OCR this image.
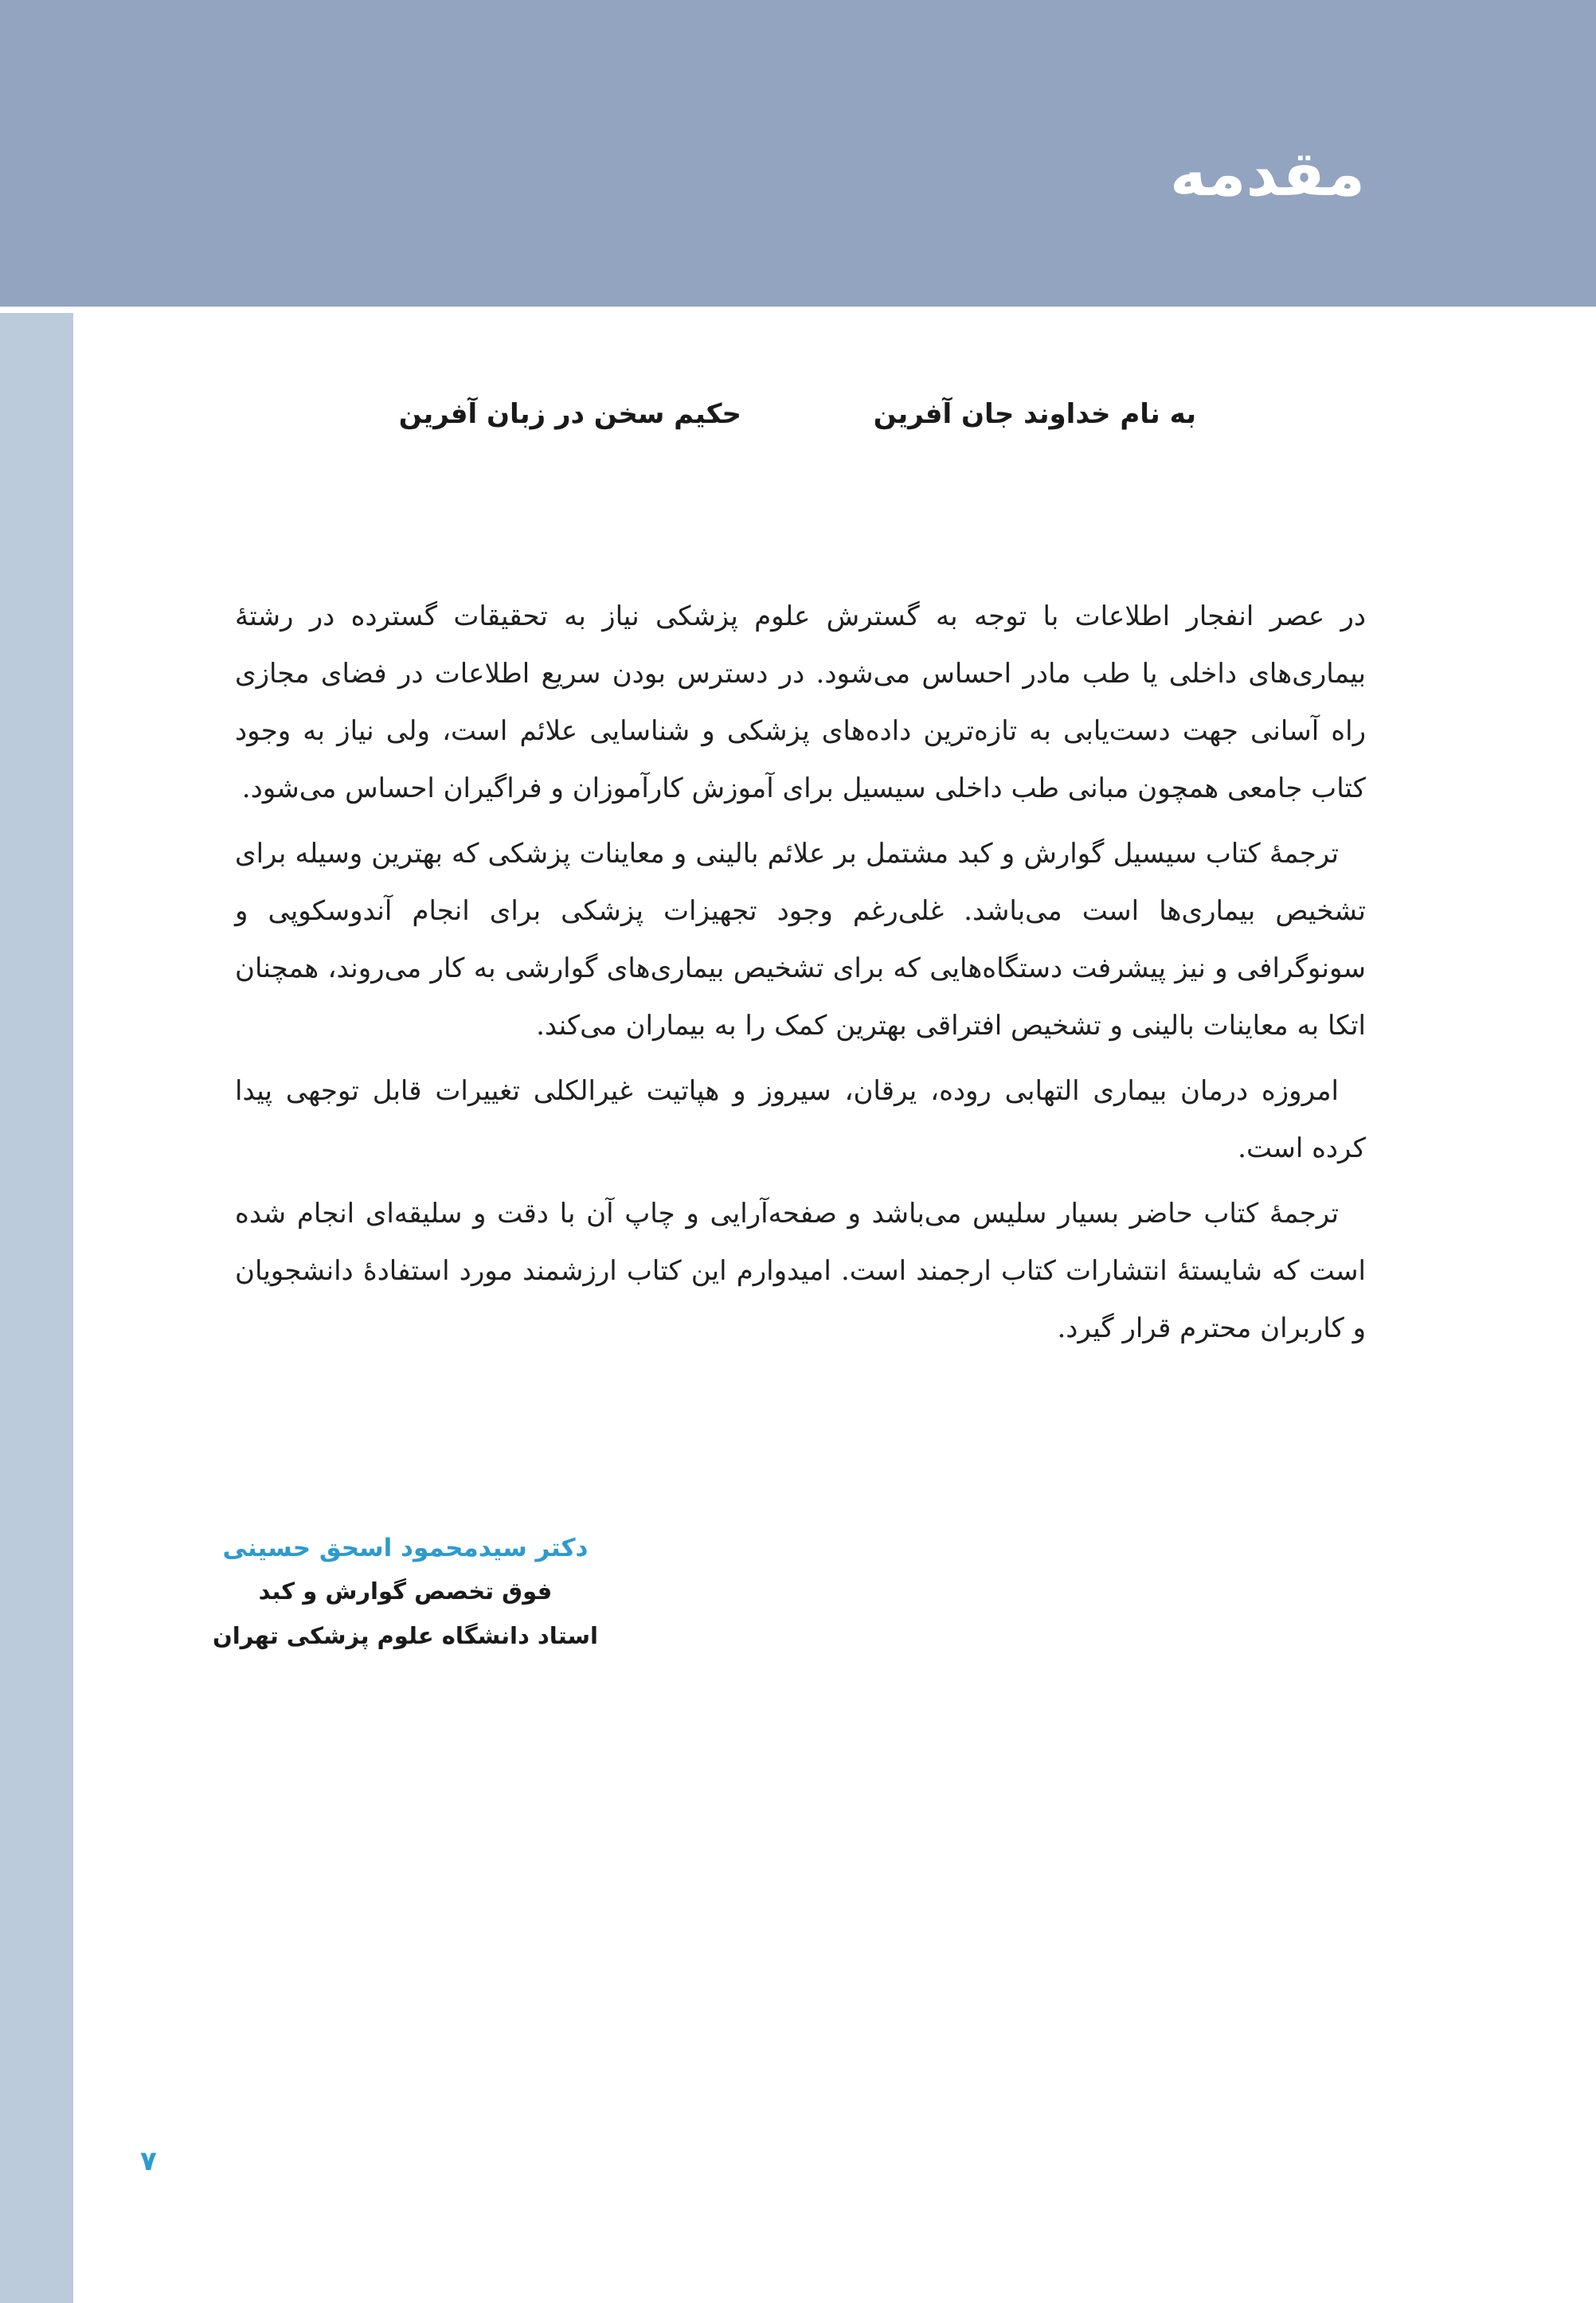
مقدمه

به نام خداوند جان آفرین

حکیم سخن در زبان آفرین

در عصر انفجار اطلاعات با توجه به گسترش علوم پزشکی نیاز به تحقیقات گسترده در رشتهٔ بیماری‌های داخلی یا طب مادر احساس می‌شود. در دسترس بودن سریع اطلاعات در فضای مجازی راه آسانی جهت دست‌یابی به تازه‌ترین داده‌های پزشکی و شناسایی علائم است، ولی نیاز به وجود کتاب جامعی همچون مبانی طب داخلی سیسیل برای آموزش کارآموزان و فراگیران احساس می‌شود.

ترجمهٔ کتاب سیسیل گوارش و کبد مشتمل بر علائم بالینی و معاینات پزشکی که بهترین وسیله برای تشخیص بیماری‌ها است می‌باشد. غلی‌رغم وجود تجهیزات پزشکی برای انجام آندوسکوپی و سونوگرافی و نیز پیشرفت دستگاه‌هایی که برای تشخیص بیماری‌های گوارشی به کار می‌روند، همچنان اتکا به معاینات بالینی و تشخیص افتراقی بهترین کمک را به بیماران می‌کند.

امروزه درمان بیماری التهابی روده، یرقان، سیروز و هپاتیت غیرالکلی تغییرات قابل توجهی پیدا کرده است.

ترجمهٔ کتاب حاضر بسیار سلیس می‌باشد و صفحه‌آرایی و چاپ آن با دقت و سلیقه‌ای انجام شده است که شایستهٔ انتشارات کتاب ارجمند است. امیدوارم این کتاب ارزشمند مورد استفادهٔ دانشجویان و کاربران محترم قرار گیرد.

دکتر سیدمحمود اسحق حسینی
فوق تخصص گوارش و کبد
استاد دانشگاه علوم پزشکی تهران

۷
